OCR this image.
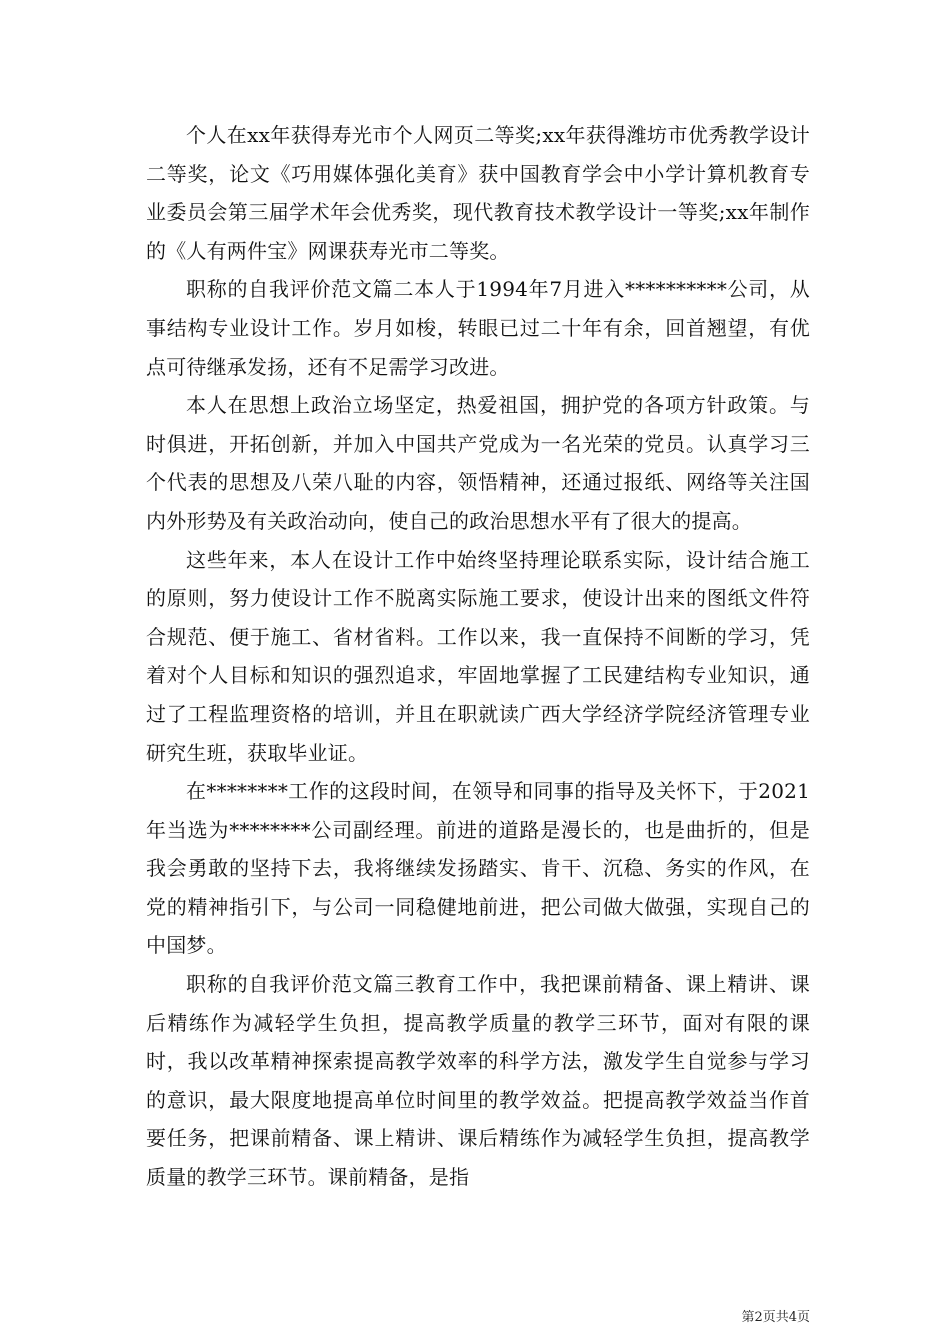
个人在xx年获得寿光市个人网页二等奖;xx年获得潍坊市优秀教学设计二等奖，论文《巧用媒体强化美育》获中国教育学会中小学计算机教育专业委员会第三届学术年会优秀奖，现代教育技术教学设计一等奖;xx年制作的《人有两件宝》网课获寿光市二等奖。

职称的自我评价范文篇二本人于1994年7月进入**********公司，从事结构专业设计工作。岁月如梭，转眼已过二十年有余，回首翘望，有优点可待继承发扬，还有不足需学习改进。

本人在思想上政治立场坚定，热爱祖国，拥护党的各项方针政策。与时俱进，开拓创新，并加入中国共产党成为一名光荣的党员。认真学习三个代表的思想及八荣八耻的内容，领悟精神，还通过报纸、网络等关注国内外形势及有关政治动向，使自己的政治思想水平有了很大的提高。

这些年来，本人在设计工作中始终坚持理论联系实际，设计结合施工的原则，努力使设计工作不脱离实际施工要求，使设计出来的图纸文件符合规范、便于施工、省材省料。工作以来，我一直保持不间断的学习，凭着对个人目标和知识的强烈追求，牢固地掌握了工民建结构专业知识，通过了工程监理资格的培训，并且在职就读广西大学经济学院经济管理专业研究生班，获取毕业证。

在********工作的这段时间，在领导和同事的指导及关怀下，于2021年当选为********公司副经理。前进的道路是漫长的，也是曲折的，但是我会勇敢的坚持下去，我将继续发扬踏实、肯干、沉稳、务实的作风，在党的精神指引下，与公司一同稳健地前进，把公司做大做强，实现自己的中国梦。

职称的自我评价范文篇三教育工作中，我把课前精备、课上精讲、课后精练作为减轻学生负担，提高教学质量的教学三环节，面对有限的课时，我以改革精神探索提高教学效率的科学方法，激发学生自觉参与学习的意识，最大限度地提高单位时间里的教学效益。把提高教学效益当作首要任务，把课前精备、课上精讲、课后精练作为减轻学生负担，提高教学质量的教学三环节。课前精备，是指

第2页共4页
